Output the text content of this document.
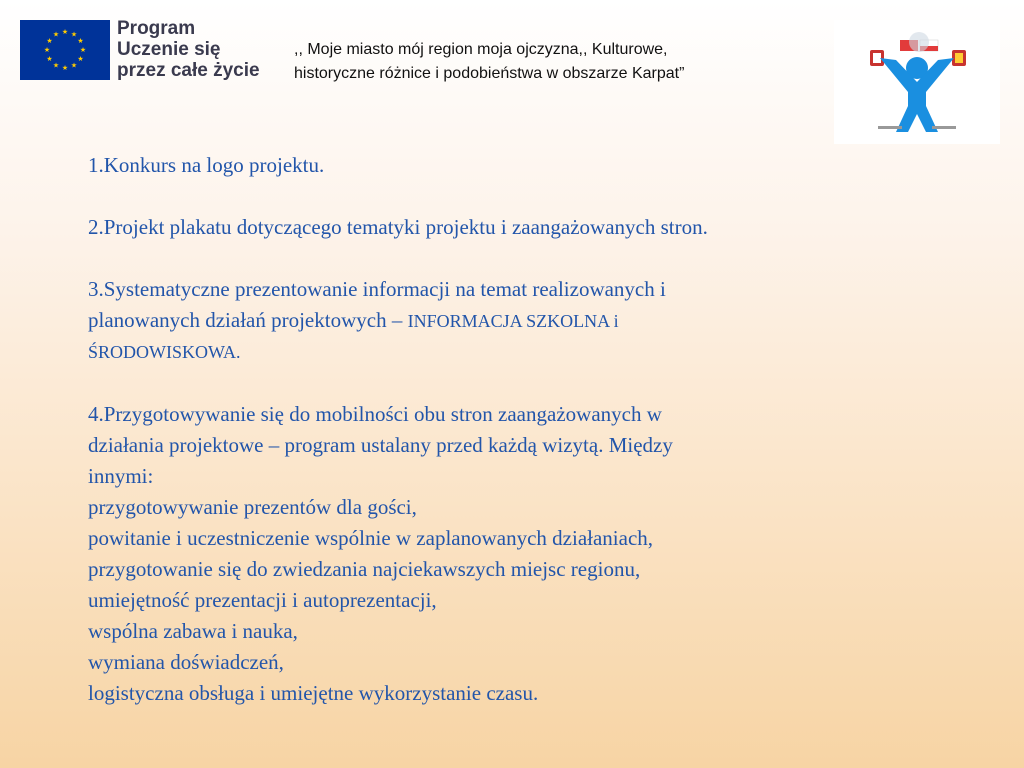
★ ★
★
★
★
★
★
★
★
★
★
★	Program
Uczenie się
przez całe życie
,, Moje miasto mój region moja ojczyzna,, Kulturowe,
historyczne różnice i podobieństwa w obszarze Karpat”

1.Konkurs na logo projektu.

2.Projekt plakatu dotyczącego tematyki projektu i zaangażowanych stron.

3.Systematyczne prezentowanie informacji na temat realizowanych i

planowanych działań projektowych – INFORMACJA SZKOLNA i

ŚRODOWISKOWA.

4.Przygotowywanie się do mobilności obu stron zaangażowanych w

działania projektowe – program ustalany przed każdą wizytą. Między

innymi:

przygotowywanie prezentów dla gości,

powitanie i uczestniczenie wspólnie w zaplanowanych działaniach,

przygotowanie się do zwiedzania najciekawszych miejsc regionu,

umiejętność prezentacji i autoprezentacji,

wspólna zabawa i nauka,

wymiana doświadczeń,

logistyczna obsługa i umiejętne wykorzystanie czasu.
